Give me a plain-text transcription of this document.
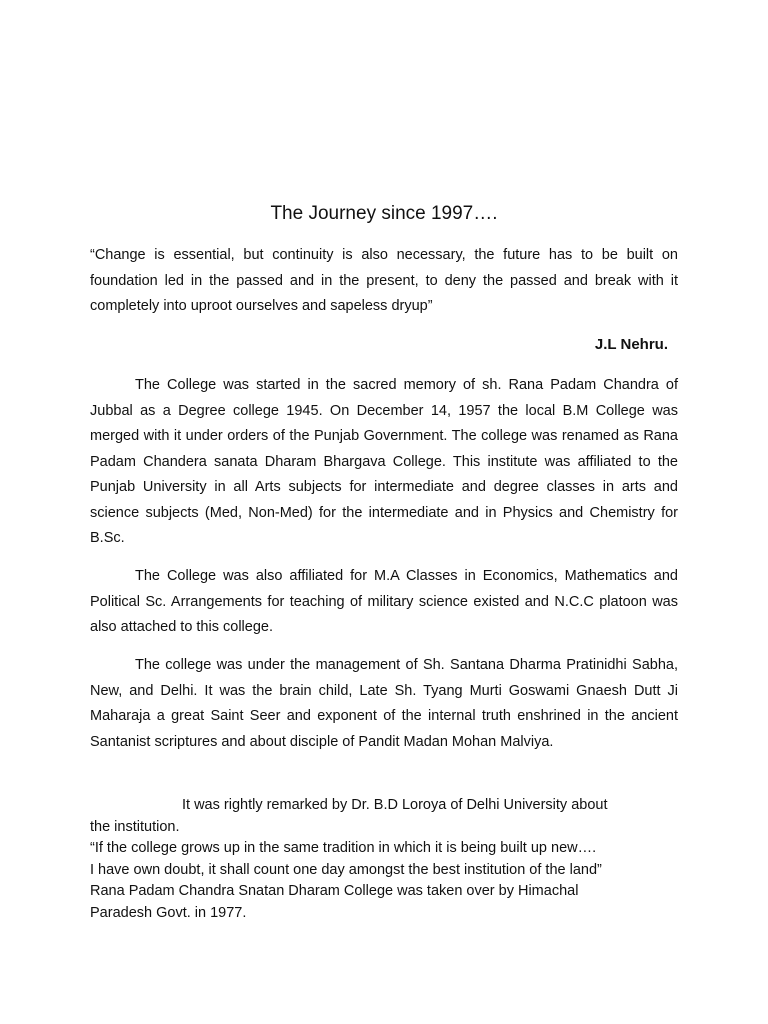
The Journey since 1997….

“Change is essential, but continuity is also necessary, the future has to be built on foundation led in the passed and in the present, to deny the passed and break with it completely into uproot ourselves and sapeless dryup”

J.L Nehru.

The College was started in the sacred memory of sh. Rana Padam Chandra of Jubbal as a Degree college 1945. On December 14, 1957 the local B.M College was merged with it under orders of the Punjab Government. The college was renamed as Rana Padam Chandera sanata Dharam Bhargava College. This institute was affiliated to the Punjab University in all Arts subjects for intermediate and degree classes in arts and science subjects (Med, Non-Med) for the intermediate and in Physics and Chemistry for B.Sc.

The College was also affiliated for M.A Classes in Economics, Mathematics and Political Sc. Arrangements for teaching of military science existed and N.C.C platoon was also attached to this college.

The college was under the management of Sh. Santana Dharma Pratinidhi Sabha, New, and Delhi. It was the brain child, Late Sh. Tyang Murti Goswami Gnaesh Dutt Ji Maharaja a great Saint Seer and exponent of the internal truth enshrined in the ancient Santanist scriptures and about disciple of Pandit Madan Mohan Malviya.

It was rightly remarked by Dr. B.D Loroya of Delhi University about
the institution.
“If the college grows up in the same tradition in which it is being built up new….
I have own doubt, it shall count one day amongst the best institution of the land”
Rana Padam Chandra Snatan Dharam College was taken over by Himachal
Paradesh Govt. in 1977.
